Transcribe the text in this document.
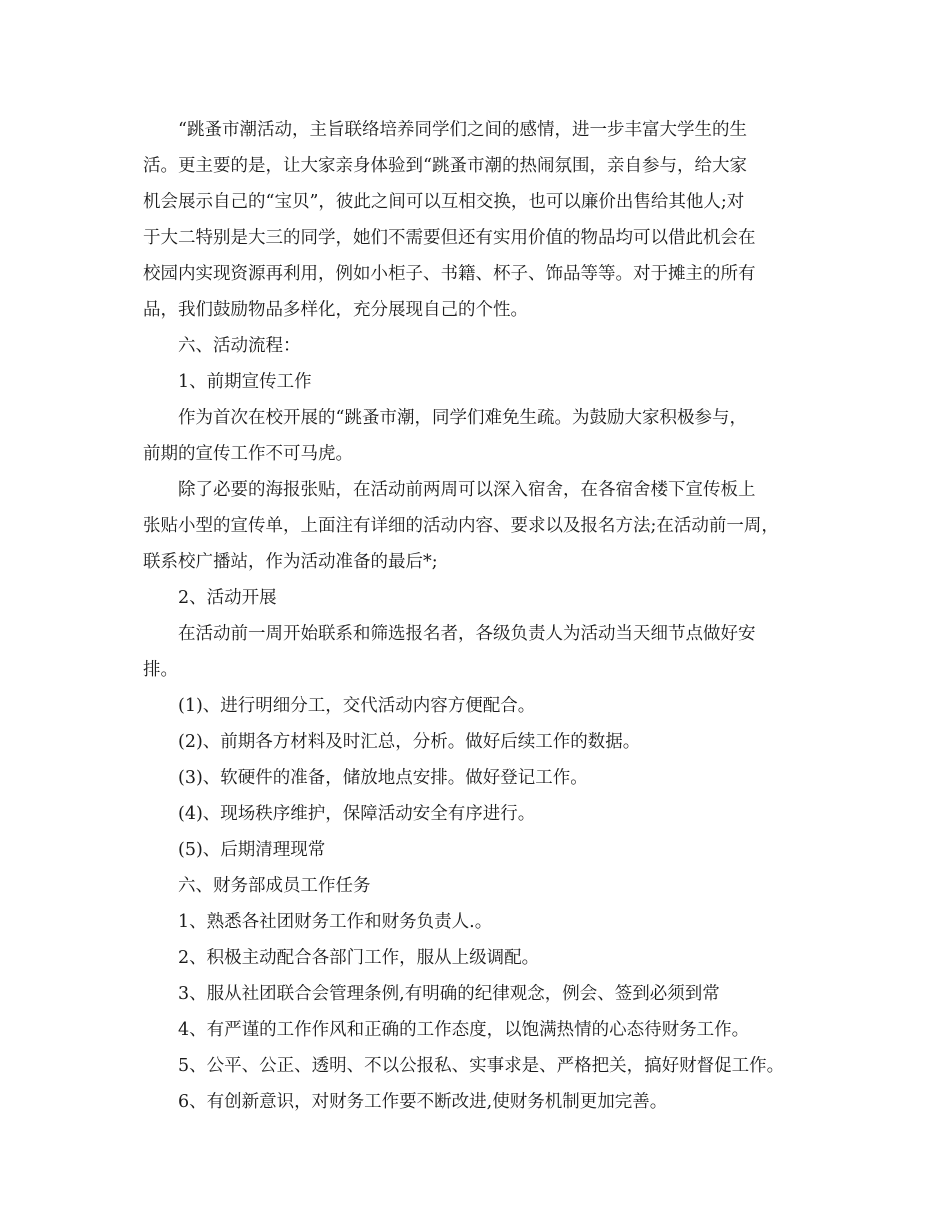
“跳蚤市潮活动，主旨联络培养同学们之间的感情，进一步丰富大学生的生
活。更主要的是，让大家亲身体验到“跳蚤市潮的热闹氛围，亲自参与，给大家
机会展示自己的“宝贝”，彼此之间可以互相交换，也可以廉价出售给其他人;对
于大二特别是大三的同学，她们不需要但还有实用价值的物品均可以借此机会在
校园内实现资源再利用，例如小柜子、书籍、杯子、饰品等等。对于摊主的所有
品，我们鼓励物品多样化，充分展现自己的个性。
六、活动流程：
1、前期宣传工作
作为首次在校开展的“跳蚤市潮，同学们难免生疏。为鼓励大家积极参与，
前期的宣传工作不可马虎。
除了必要的海报张贴，在活动前两周可以深入宿舍，在各宿舍楼下宣传板上
张贴小型的宣传单，上面注有详细的活动内容、要求以及报名方法;在活动前一周，
联系校广播站，作为活动准备的最后*;
2、活动开展
在活动前一周开始联系和筛选报名者，各级负责人为活动当天细节点做好安
排。
(1)、进行明细分工，交代活动内容方便配合。
(2)、前期各方材料及时汇总，分析。做好后续工作的数据。
(3)、软硬件的准备，储放地点安排。做好登记工作。
(4)、现场秩序维护，保障活动安全有序进行。
(5)、后期清理现常
六、财务部成员工作任务
1、熟悉各社团财务工作和财务负责人.。
2、积极主动配合各部门工作，服从上级调配。
3、服从社团联合会管理条例,有明确的纪律观念，例会、签到必须到常
4、有严谨的工作作风和正确的工作态度，以饱满热情的心态待财务工作。
5、公平、公正、透明、不以公报私、实事求是、严格把关，搞好财督促工作。
6、有创新意识，对财务工作要不断改进,使财务机制更加完善。
